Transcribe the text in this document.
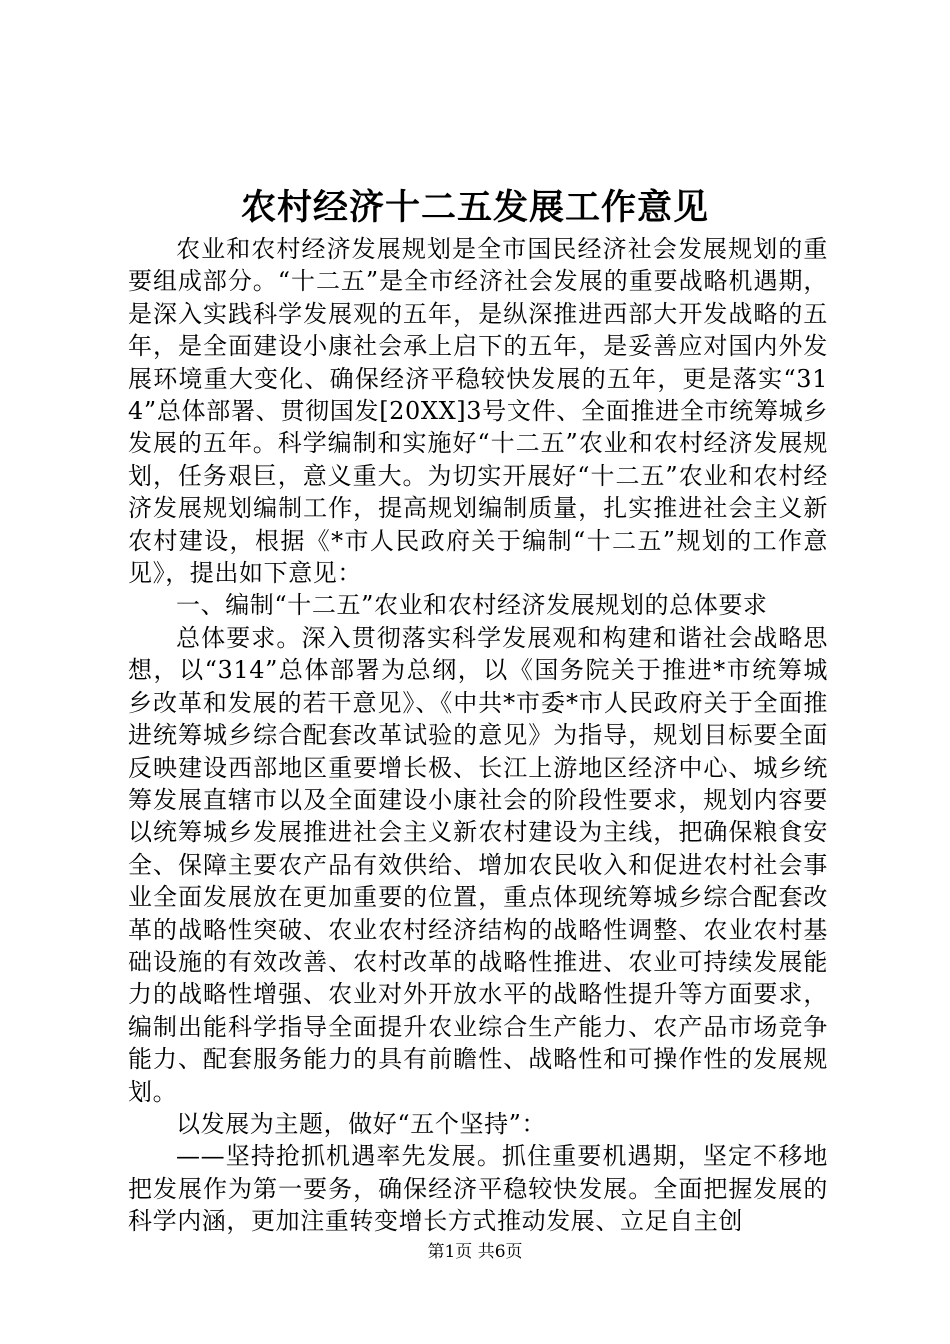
农村经济十二五发展工作意见

农业和农村经济发展规划是全市国民经济社会发展规划的重要组成部分。“十二五”是全市经济社会发展的重要战略机遇期，是深入实践科学发展观的五年，是纵深推进西部大开发战略的五年，是全面建设小康社会承上启下的五年，是妥善应对国内外发展环境重大变化、确保经济平稳较快发展的五年，更是落实“314”总体部署、贯彻国发[20XX]3号文件、全面推进全市统筹城乡发展的五年。科学编制和实施好“十二五”农业和农村经济发展规划，任务艰巨，意义重大。为切实开展好“十二五”农业和农村经济发展规划编制工作，提高规划编制质量，扎实推进社会主义新农村建设，根据《*市人民政府关于编制“十二五”规划的工作意见》，提出如下意见：

一、编制“十二五”农业和农村经济发展规划的总体要求

总体要求。深入贯彻落实科学发展观和构建和谐社会战略思想，以“314”总体部署为总纲，以《国务院关于推进*市统筹城乡改革和发展的若干意见》、《中共*市委*市人民政府关于全面推进统筹城乡综合配套改革试验的意见》为指导，规划目标要全面反映建设西部地区重要增长极、长江上游地区经济中心、城乡统筹发展直辖市以及全面建设小康社会的阶段性要求，规划内容要以统筹城乡发展推进社会主义新农村建设为主线，把确保粮食安全、保障主要农产品有效供给、增加农民收入和促进农村社会事业全面发展放在更加重要的位置，重点体现统筹城乡综合配套改革的战略性突破、农业农村经济结构的战略性调整、农业农村基础设施的有效改善、农村改革的战略性推进、农业可持续发展能力的战略性增强、农业对外开放水平的战略性提升等方面要求，编制出能科学指导全面提升农业综合生产能力、农产品市场竞争能力、配套服务能力的具有前瞻性、战略性和可操作性的发展规划。

以发展为主题，做好“五个坚持”：

——坚持抢抓机遇率先发展。抓住重要机遇期，坚定不移地把发展作为第一要务，确保经济平稳较快发展。全面把握发展的科学内涵，更加注重转变增长方式推动发展、立足自主创

第1页 共6页
